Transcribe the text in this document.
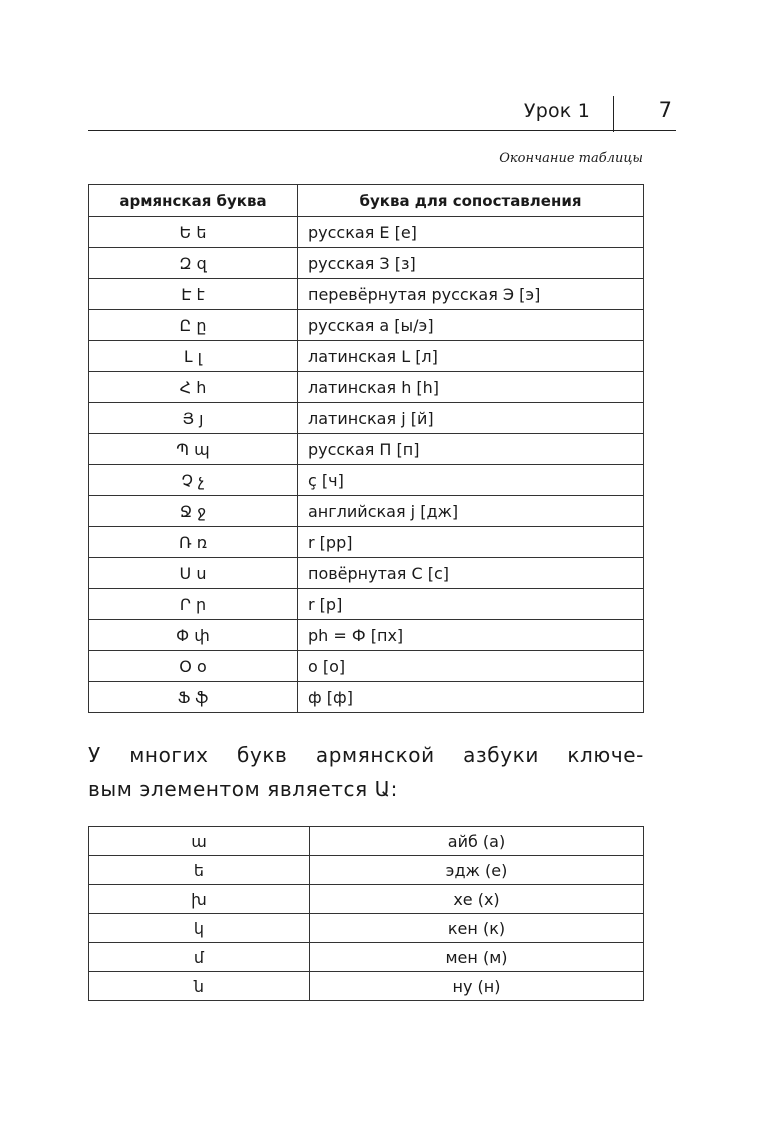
Урок 1	7
Окончание таблицы
армянская буква	буква для сопоставления
Ե ե	русская Е [е]
Զ զ	русская З [з]
Է է	перевёрнутая русская Э [э]
Ը ը	русская а [ы/э]
Լ լ	латинская L [л]
Հ հ	латинская h [h]
Յ յ	латинская j [й]
Պ պ	русская П [п]
Չ չ	ç [ч]
Ջ ջ	английская j [дж]
Ռ ռ	r [рр]
Ս ս	повёрнутая С [с]
Ր ր	r [р]
Փ փ	ph = Ф [пх]
Օ օ	o [о]
Ֆ ֆ	ф [ф]
У многих букв армянской азбуки ключе-
вым элементом является Ա:
ա	айб (а)
ե	эдж (е)
խ	хе (х)
կ	кен (к)
մ	мен (м)
ն	ну (н)
